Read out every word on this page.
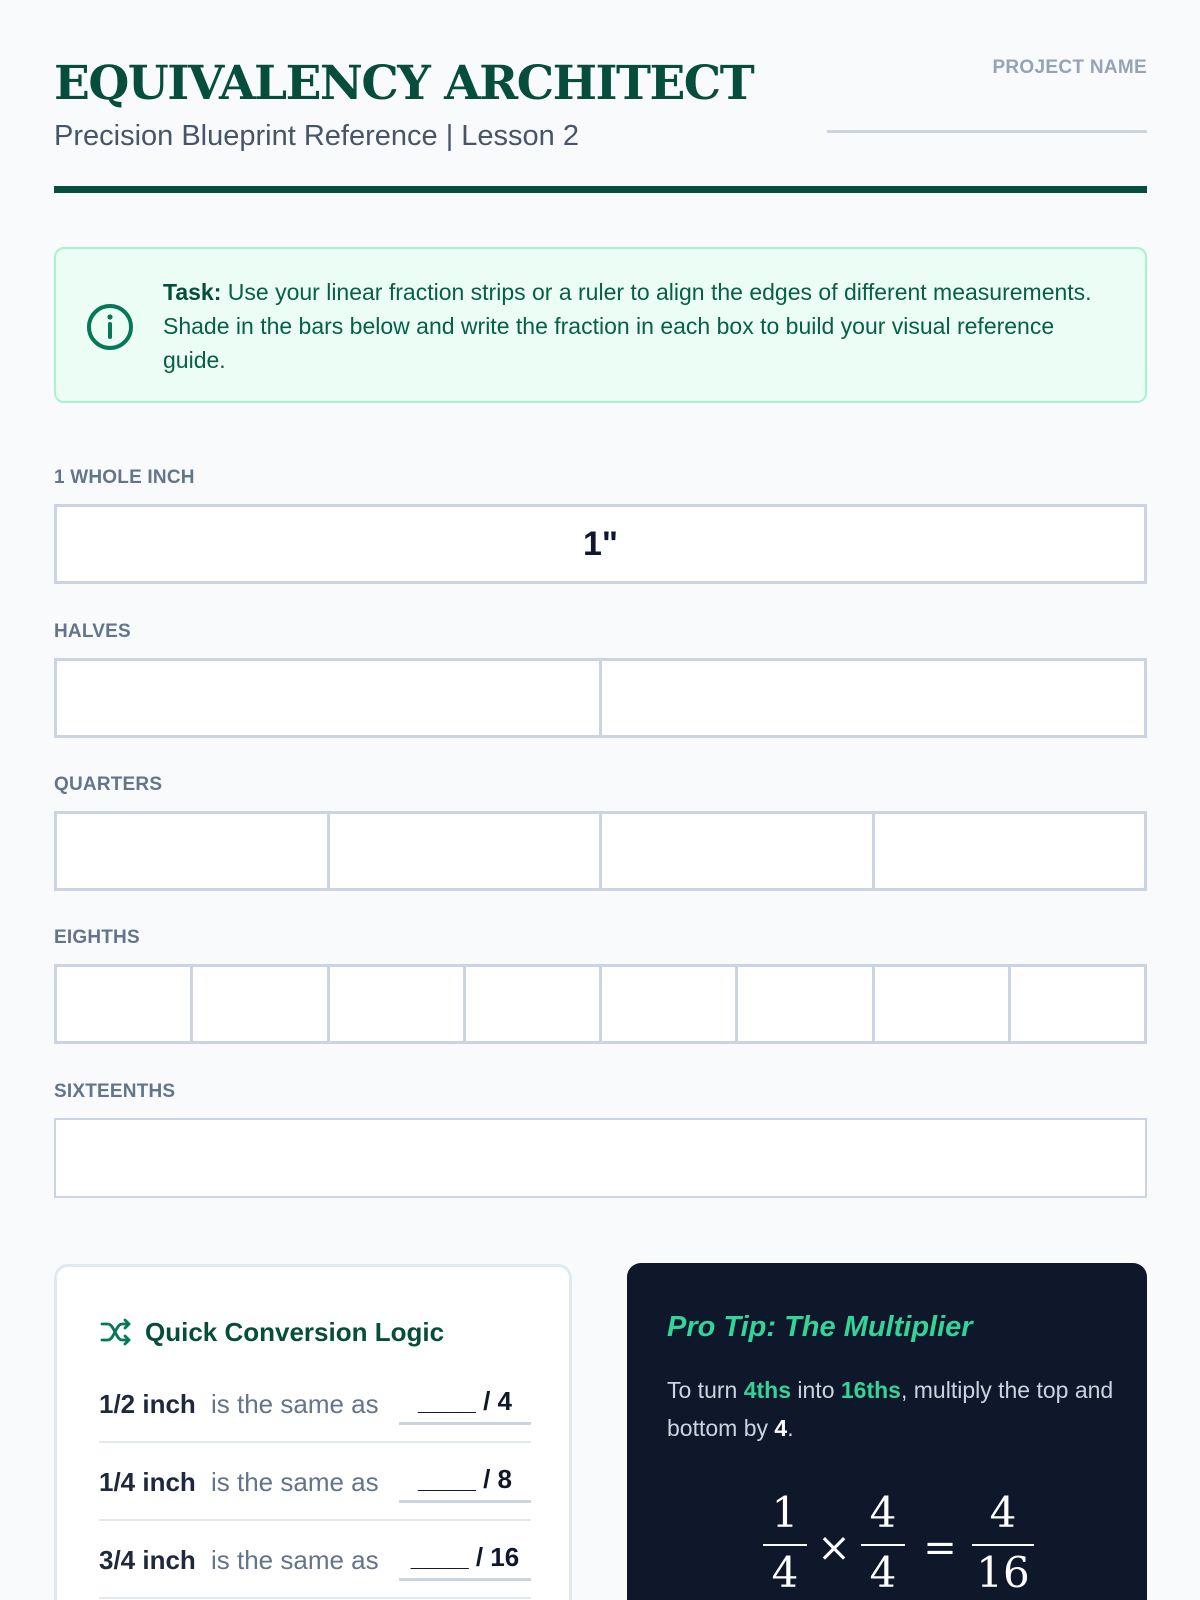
EQUIVALENCY ARCHITECT
Precision Blueprint Reference | Lesson 2
PROJECT NAME
Task: Use your linear fraction strips or a ruler to align the edges of different measurements. Shade in the bars below and write the fraction in each box to build your visual reference guide.
1 WHOLE INCH
1"
HALVES
QUARTERS
EIGHTHS
SIXTEENTHS
Quick Conversion Logic
1/2 inch is the same as	____ / 4
1/4 inch is the same as	____ / 8
3/4 inch is the same as	____ / 16
Pro Tip: The Multiplier
To turn 4ths into 16ths, multiply the top and bottom by 4.
1
4 ×
4
4 =
4
16
